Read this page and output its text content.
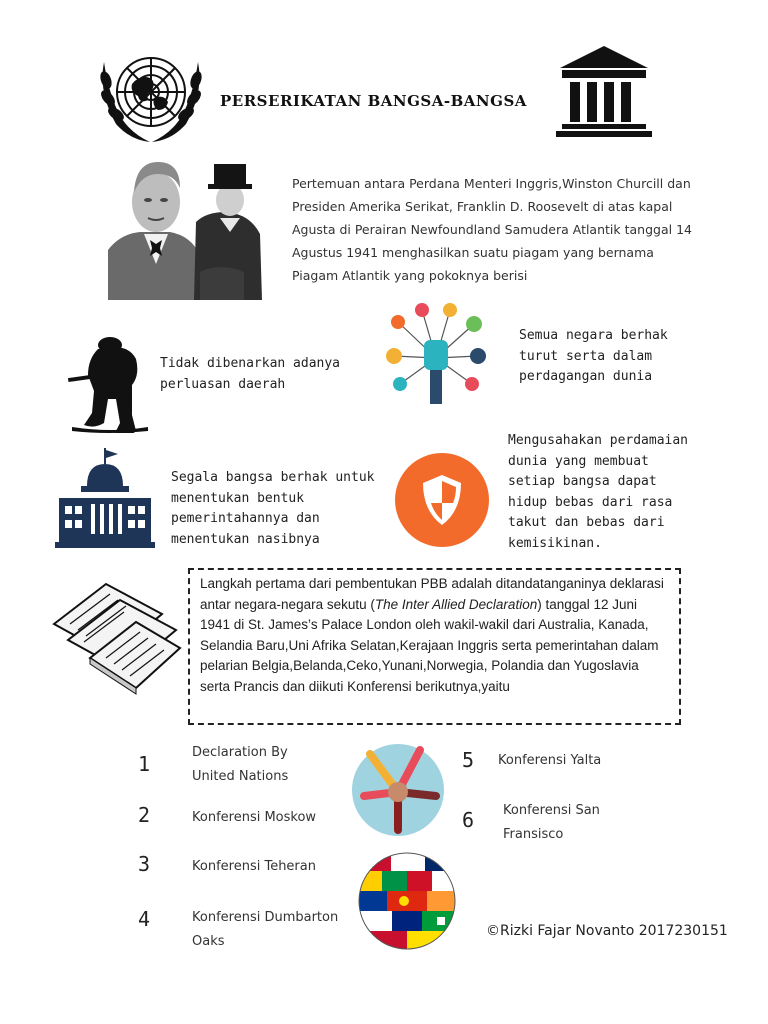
PERSERIKATAN BANGSA-BANGSA
Pertemuan antara Perdana Menteri Inggris,Winston Churcill dan Presiden Amerika Serikat, Franklin D. Roosevelt di atas kapal Agusta di Perairan Newfoundland Samudera Atlantik tanggal 14 Agustus 1941 menghasilkan suatu piagam yang bernama Piagam Atlantik yang pokoknya berisi
Tidak dibenarkan adanya perluasan daerah
Semua negara berhak turut serta dalam perdagangan dunia
Segala bangsa berhak untuk menentukan bentuk pemerintahannya dan menentukan nasibnya
Mengusahakan perdamaian dunia yang membuat setiap bangsa dapat hidup bebas dari rasa takut dan bebas dari kemisikinan.
Langkah pertama dari pembentukan PBB adalah ditandatanganinya deklarasi antar negara-negara sekutu (The Inter Allied Declaration) tanggal 12 Juni 1941 di St. James’s Palace London oleh wakil-wakil dari Australia, Kanada, Selandia Baru,Uni Afrika Selatan,Kerajaan Inggris serta pemerintahan dalam pelarian Belgia,Belanda,Ceko,Yunani,Norwegia, Polandia dan Yugoslavia serta Prancis dan diikuti Konferensi berikutnya,yaitu
1	Declaration By United Nations
2	Konferensi Moskow
3	Konferensi Teheran
4	Konferensi Dumbarton Oaks
5 Konferensi Yalta
6 Konferensi San Fransisco
©Rizki Fajar Novanto 2017230151
